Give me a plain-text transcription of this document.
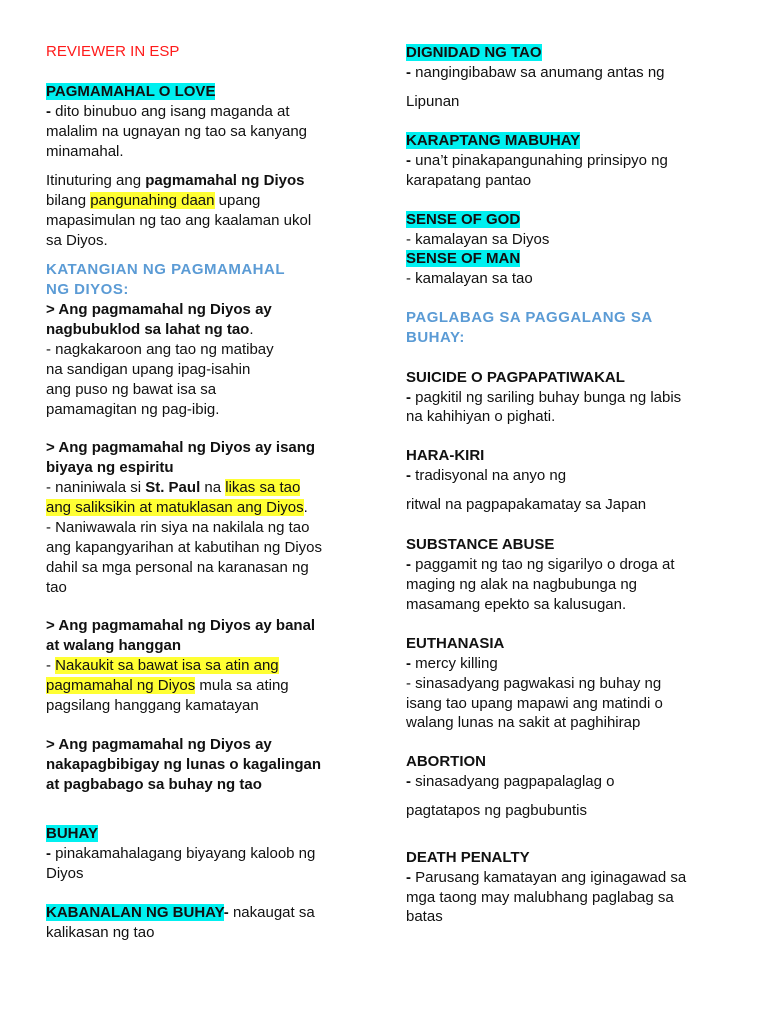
REVIEWER IN ESP
PAGMAMAHAL O LOVE
- dito binubuo ang isang maganda at
malalim na ugnayan ng tao sa kanyang
minamahal.
Itinuturing ang pagmamahal ng Diyos
bilang pangunahing daan upang
mapasimulan ng tao ang kaalaman ukol
sa Diyos.
KATANGIAN NG PAGMAMAHAL
NG DIYOS:
> Ang pagmamahal ng Diyos ay
nagbubuklod sa lahat ng tao.
- nagkakaroon ang tao ng matibay
na sandigan upang ipag-isahin
ang puso ng bawat isa sa
pamamagitan ng pag-ibig.
> Ang pagmamahal ng Diyos ay isang
biyaya ng espiritu
- naniniwala si St. Paul na likas sa tao
ang saliksikin at matuklasan ang Diyos.
- Naniwawala rin siya na nakilala ng tao
ang kapangyarihan at kabutihan ng Diyos
dahil sa mga personal na karanasan ng
tao
> Ang pagmamahal ng Diyos ay banal
at walang hanggan
- Nakaukit sa bawat isa sa atin ang
pagmamahal ng Diyos mula sa ating
pagsilang hanggang kamatayan
> Ang pagmamahal ng Diyos ay
nakapagbibigay ng lunas o kagalingan
at pagbabago sa buhay ng tao
BUHAY
- pinakamahalagang biyayang kaloob ng
Diyos
KABANALAN NG BUHAY- nakaugat sa
kalikasan ng tao
DIGNIDAD NG TAO
- nangingibabaw sa anumang antas ng
Lipunan
KARAPTANG MABUHAY
- una’t pinakapangunahing prinsipyo ng
karapatang pantao
SENSE OF GOD
- kamalayan sa Diyos
SENSE OF MAN
- kamalayan sa tao
PAGLABAG SA PAGGALANG SA
BUHAY:
SUICIDE O PAGPAPATIWAKAL
- pagkitil ng sariling buhay bunga ng labis
na kahihiyan o pighati.
HARA-KIRI
- tradisyonal na anyo ng
ritwal na pagpapakamatay sa Japan
SUBSTANCE ABUSE
- paggamit ng tao ng sigarilyo o droga at
maging ng alak na nagbubunga ng
masamang epekto sa kalusugan.
EUTHANASIA
- mercy killing
- sinasadyang pagwakasi ng buhay ng
isang tao upang mapawi ang matindi o
walang lunas na sakit at paghihirap
ABORTION
- sinasadyang pagpapalaglag o
pagtatapos ng pagbubuntis
DEATH PENALTY
- Parusang kamatayan ang iginagawad sa
mga taong may malubhang paglabag sa
batas
